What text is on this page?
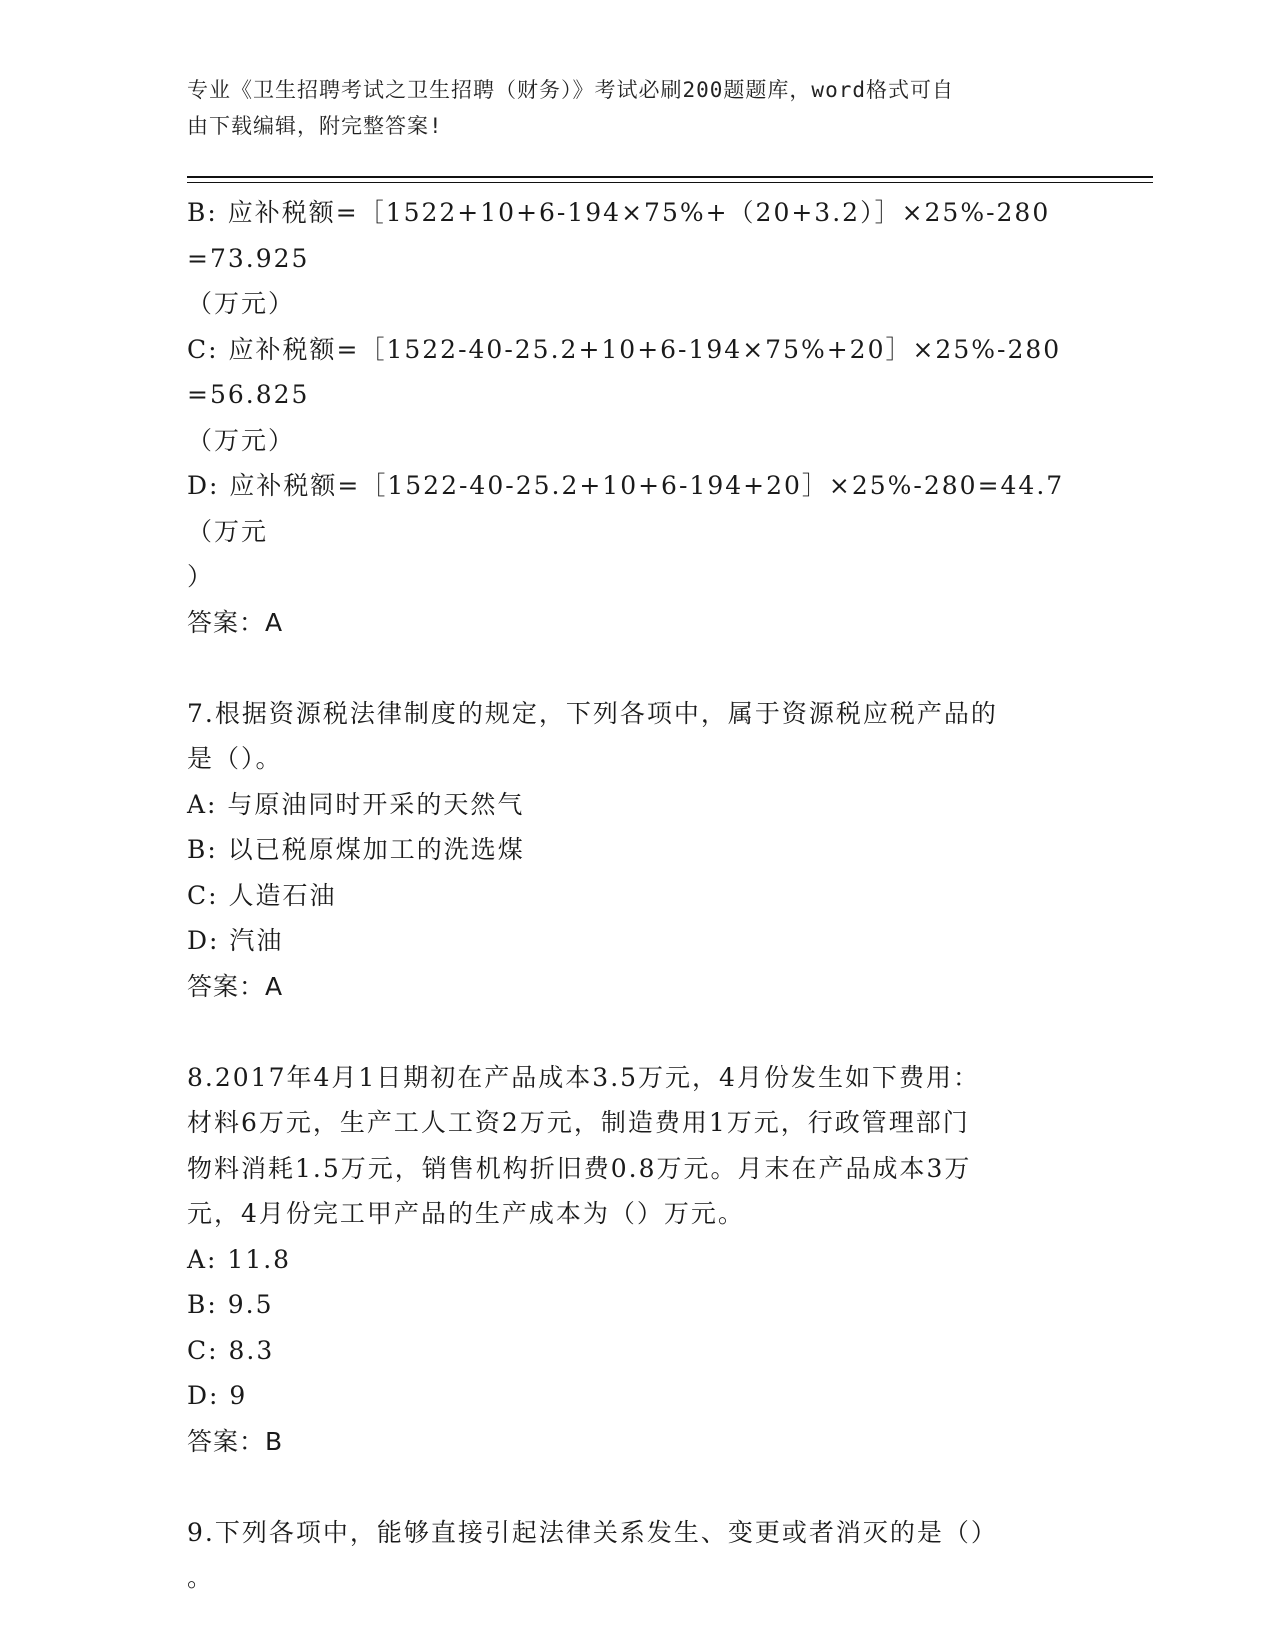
专业《卫生招聘考试之卫生招聘（财务）》考试必刷200题题库，word格式可自
由下载编辑，附完整答案!
B: 应补税额=［1522+10+6-194×75%+（20+3.2）］×25%-280=73.925
（万元）
C: 应补税额=［1522-40-25.2+10+6-194×75%+20］×25%-280=56.825
（万元）
D: 应补税额=［1522-40-25.2+10+6-194+20］×25%-280=44.7（万元
）
答案：A
7.根据资源税法律制度的规定，下列各项中，属于资源税应税产品的
是（）。
A: 与原油同时开采的天然气
B: 以已税原煤加工的洗选煤
C: 人造石油
D: 汽油
答案：A
8.2017年4月1日期初在产品成本3.5万元，4月份发生如下费用：
材料6万元，生产工人工资2万元，制造费用1万元，行政管理部门
物料消耗1.5万元，销售机构折旧费0.8万元。月末在产品成本3万
元，4月份完工甲产品的生产成本为（）万元。
A: 11.8
B: 9.5
C: 8.3
D: 9
答案：B
9.下列各项中，能够直接引起法律关系发生、变更或者消灭的是（）
。
